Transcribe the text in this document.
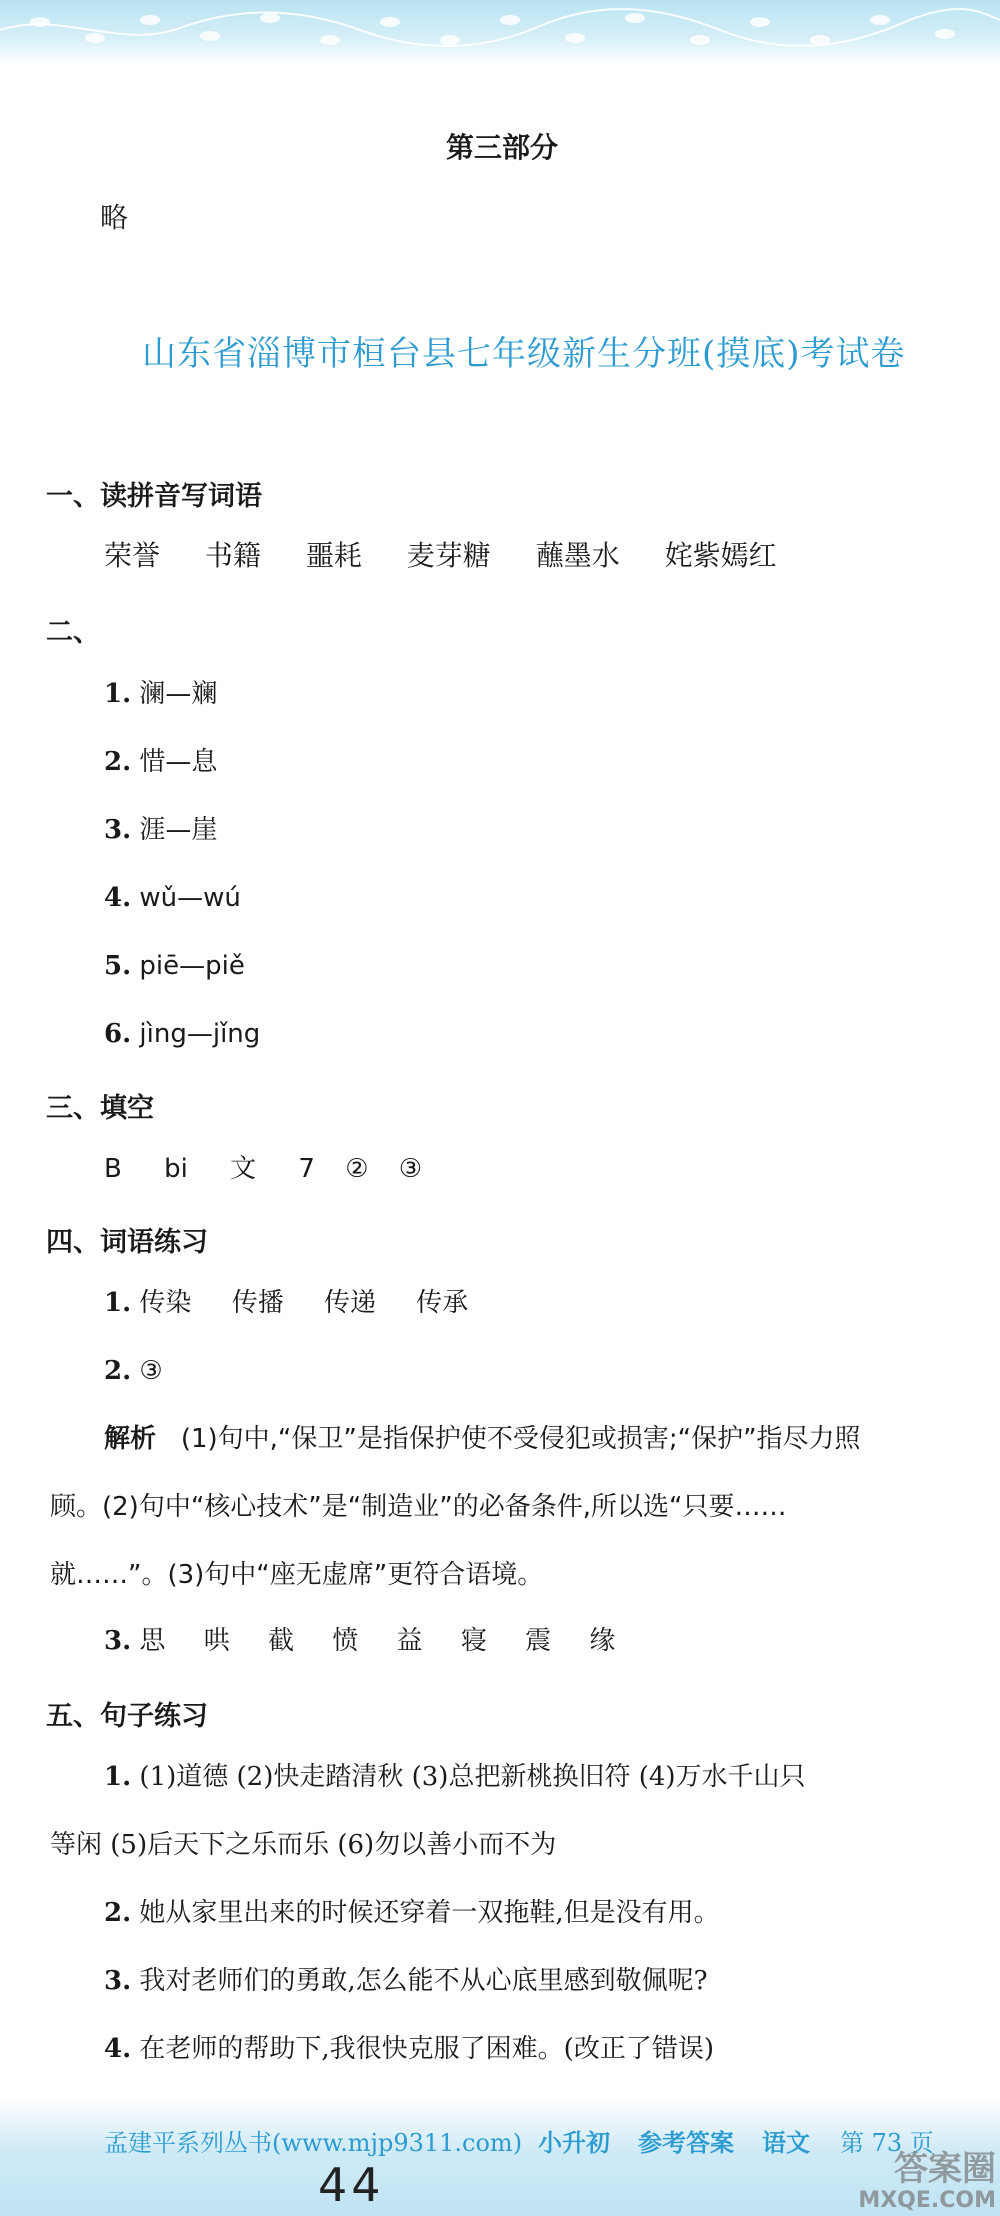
第三部分
略
山东省淄博市桓台县七年级新生分班(摸底)考试卷
一、读拼音写词语
荣誉 书籍 噩耗 麦芽糖 蘸墨水 姹紫嫣红
二、
1. 澜—斓
2. 惜—息
3. 涯—崖
4. wǔ—wú
5. piē—piě
6. jìng—jǐng
三、填空
B bi 文 7 ② ③
四、词语练习
1. 传染 传播 传递 传承
2. ③
解析 (1)句中,“保卫”是指保护使不受侵犯或损害;“保护”指尽力照
顾。(2)句中“核心技术”是“制造业”的必备条件,所以选“只要……
就……”。(3)句中“座无虚席”更符合语境。
3. 思 哄 截 愤 益 寝 震 缘
五、句子练习
1. (1)道德 (2)快走踏清秋 (3)总把新桃换旧符 (4)万水千山只
等闲 (5)后天下之乐而乐 (6)勿以善小而不为
2. 她从家里出来的时候还穿着一双拖鞋,但是没有用。
3. 我对老师们的勇敢,怎么能不从心底里感到敬佩呢?
4. 在老师的帮助下,我很快克服了困难。(改正了错误)
孟建平系列丛书(www.mjp9311.com) 小升初 参考答案 语文 第 73 页
44	答案圈
MXQE.COM
